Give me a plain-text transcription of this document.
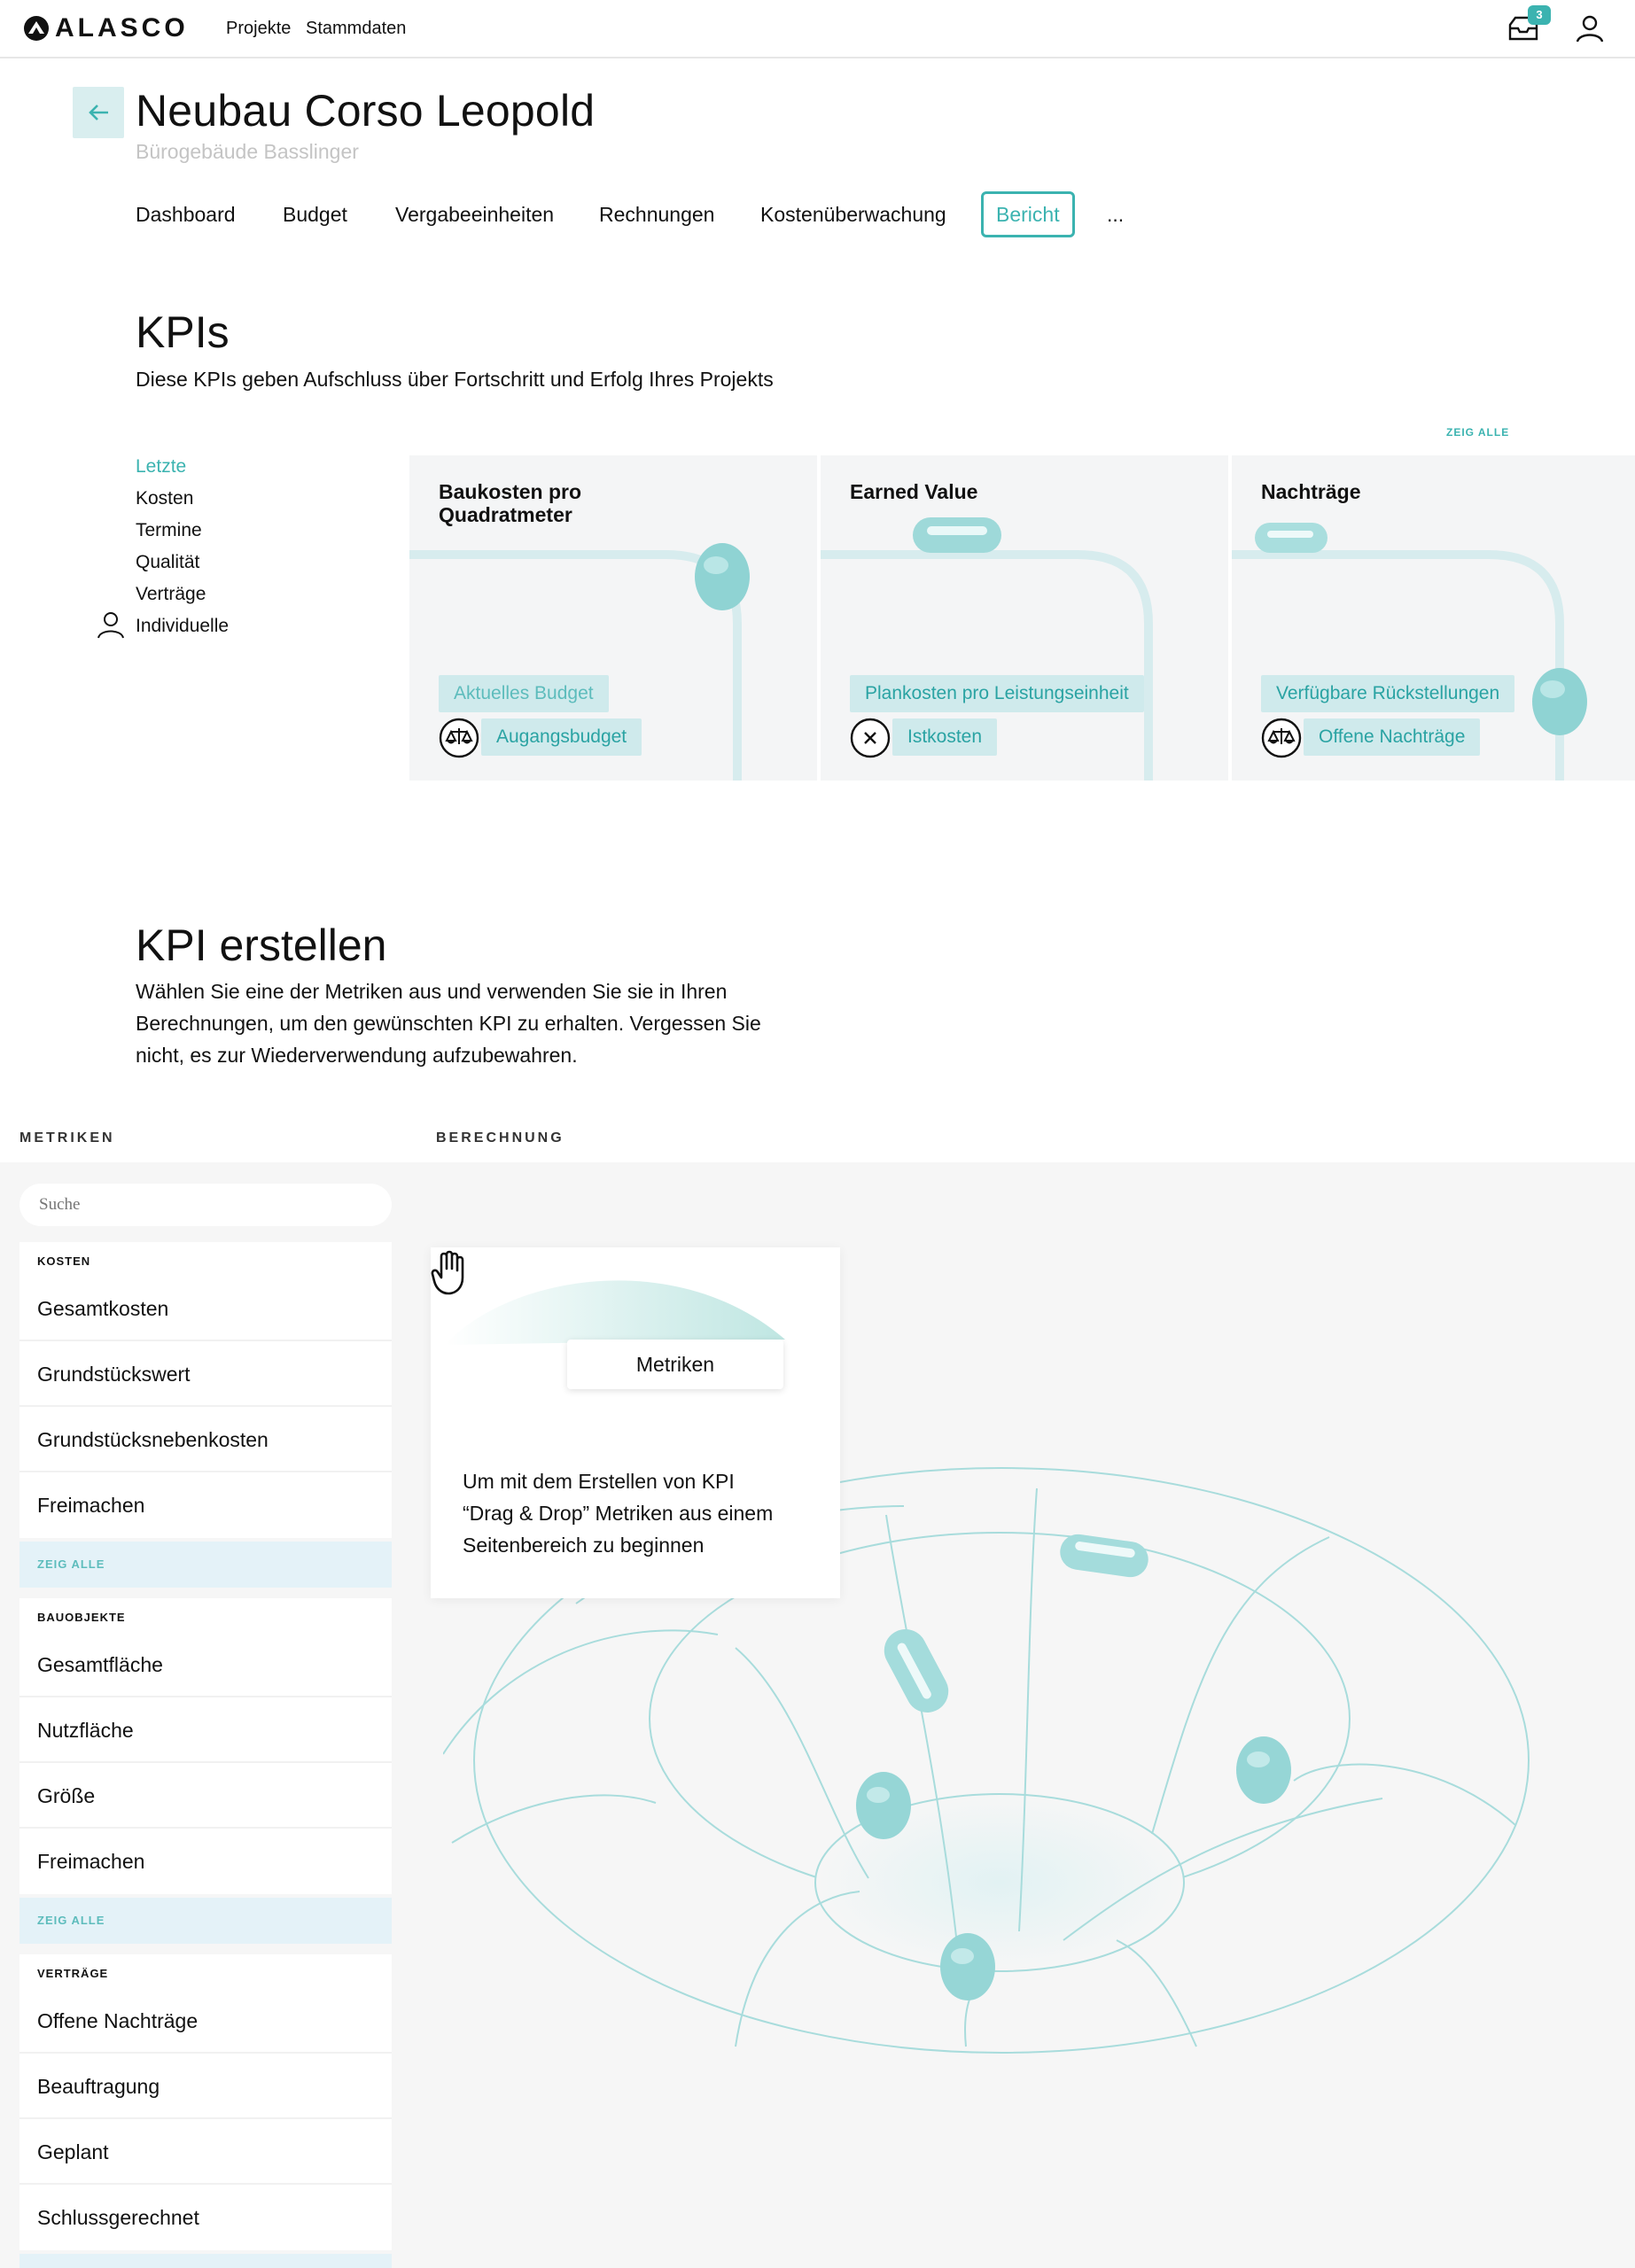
ALASCO Projekte Stammdaten
3
Neubau Corso Leopold
Bürogebäude Basslinger
Dashboard Budget Vergabeeinheiten Rechnungen Kostenüberwachung	Bericht	...
KPIs

Diese KPIs geben Aufschluss über Fortschritt und Erfolg Ihres Projekts

ZEIG ALLE
Letzte
Kosten
Termine
Qualität
Verträge
Individuelle
Baukosten pro Quadratmeter
Aktuelles Budget
Augangsbudget
Earned Value
Plankosten pro Leistungseinheit
Istkosten
Nachträge
Verfügbare Rückstellungen
Offene Nachträge
KPI erstellen

Wählen Sie eine der Metriken aus und verwenden Sie sie in Ihren

Berechnungen, um den gewünschten KPI zu erhalten. Vergessen Sie

nicht, es zur Wiederverwendung aufzubewahren.

METRIKEN	BERECHNUNG
Suche
KOSTEN
Gesamtkosten
Grundstückswert
Grundstücksnebenkosten
Freimachen
ZEIG ALLE
BAUOBJEKTE
Gesamtfläche
Nutzfläche
Größe
Freimachen
ZEIG ALLE
VERTRÄGE
Offene Nachträge
Beauftragung
Geplant
Schlussgerechnet
Metriken

Um mit dem Erstellen von KPI
“Drag & Drop” Metriken aus einem
Seitenbereich zu beginnen
